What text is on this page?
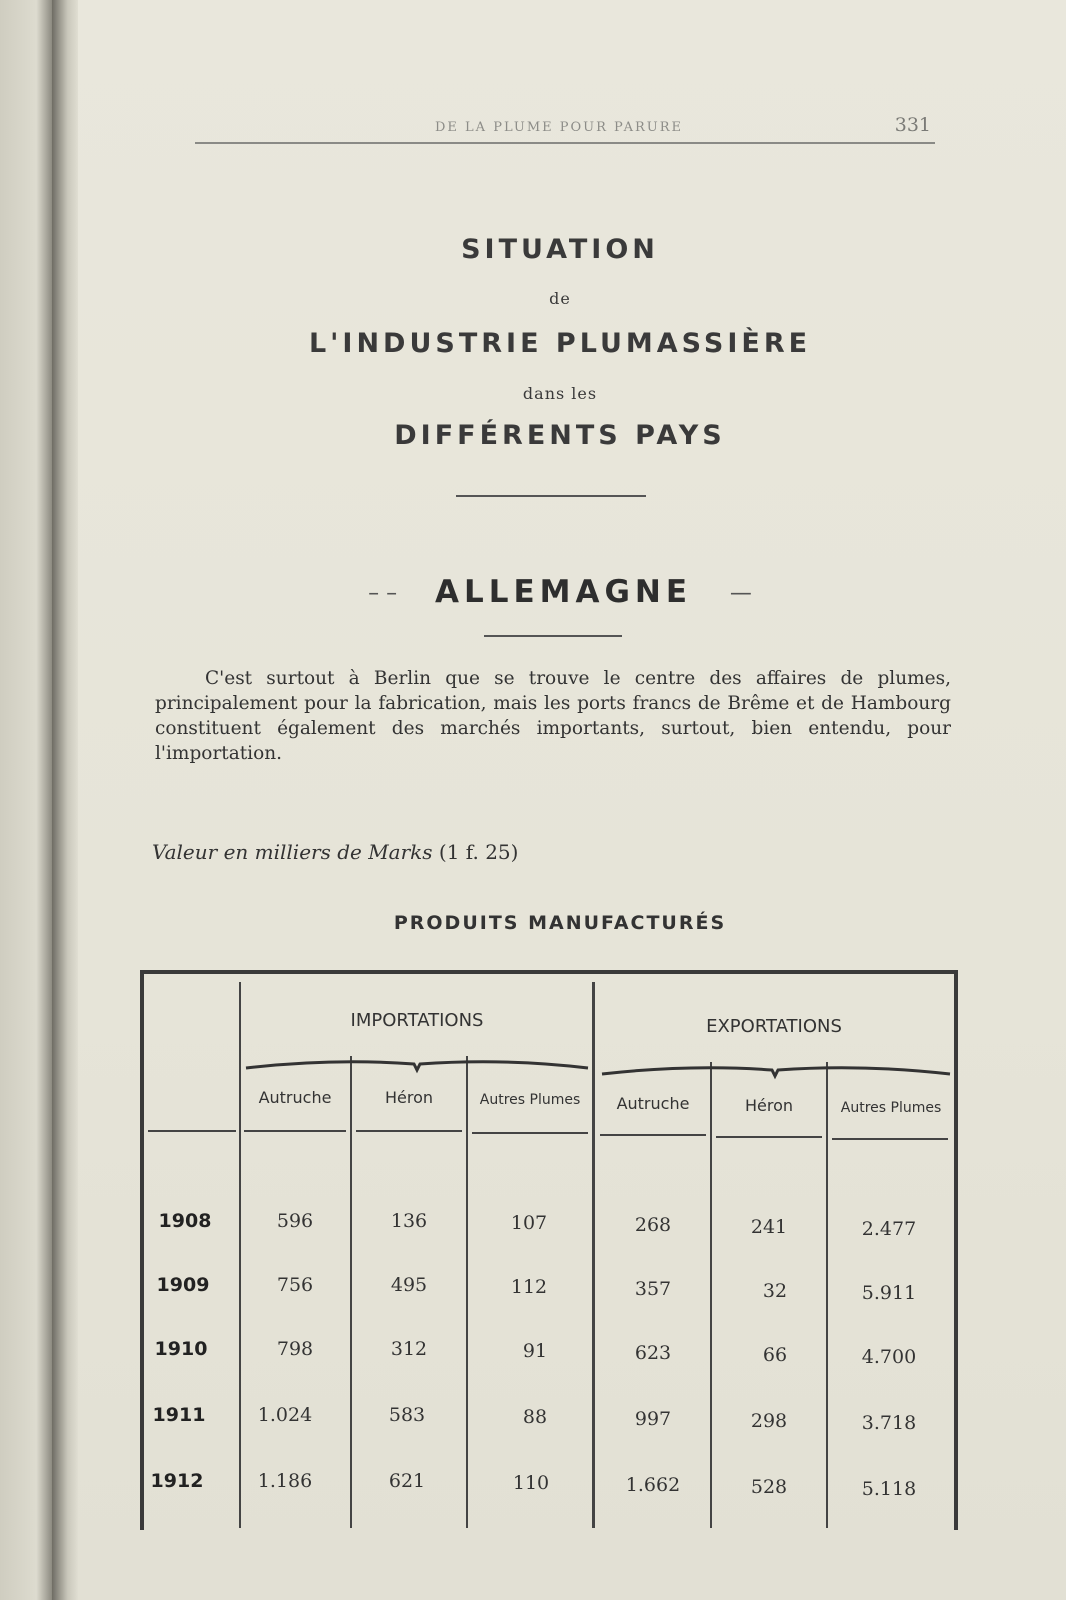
DE LA PLUME POUR PARURE	331
SITUATION
de
L'INDUSTRIE PLUMASSIÈRE
dans les
DIFFÉRENTS PAYS
– – ALLEMAGNE —
C'est surtout à Berlin que se trouve le centre des affaires de plumes, principalement pour la fabrication, mais les ports francs de Brême et de Hambourg constituent également des marchés importants, surtout, bien entendu, pour l'importation.
Valeur en milliers de Marks (1 f. 25)
PRODUITS MANUFACTURÉS
IMPORTATIONS	EXPORTATIONS
Autruche	Héron	Autres Plumes	Autruche	Héron	Autres Plumes
1908	596	136	107	268	241	2.477
1909	756	495	112	357	32	5.911
1910	798	312	91	623	66	4.700
1911	1.024	583	88	997	298	3.718
1912	1.186	621	110	1.662	528	5.118
